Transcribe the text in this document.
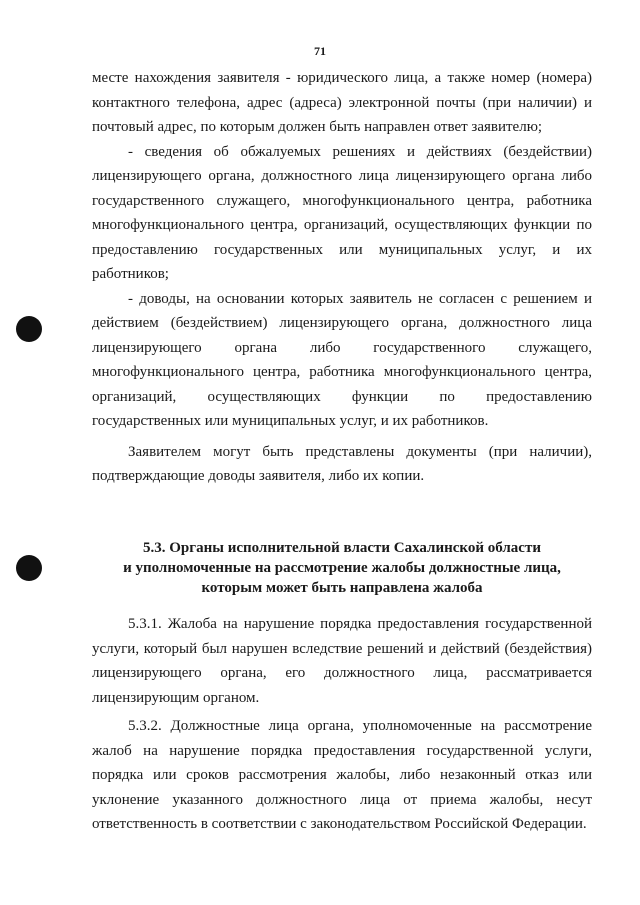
71

месте нахождения заявителя - юридического лица, а также номер (номера) контактного телефона, адрес (адреса) электронной почты (при наличии) и почтовый адрес, по которым должен быть направлен ответ заявителю;

- сведения об обжалуемых решениях и действиях (бездействии) лицензирующего органа, должностного лица лицензирующего органа либо государственного служащего, многофункционального центра, работника многофункционального центра, организаций, осуществляющих функции по предоставлению государственных или муниципальных услуг, и их работников;

- доводы, на основании которых заявитель не согласен с решением и действием (бездействием) лицензирующего органа, должностного лица лицензирующего органа либо государственного служащего, многофункционального центра, работника многофункционального центра, организаций, осуществляющих функции по предоставлению государственных или муниципальных услуг, и их работников.

Заявителем могут быть представлены документы (при наличии), подтверждающие доводы заявителя, либо их копии.

5.3. Органы исполнительной власти Сахалинской области
и уполномоченные на рассмотрение жалобы должностные лица,
которым может быть направлена жалоба

5.3.1. Жалоба на нарушение порядка предоставления государственной услуги, который был нарушен вследствие решений и действий (бездействия) лицензирующего органа, его должностного лица, рассматривается лицензирующим органом.

5.3.2. Должностные лица органа, уполномоченные на рассмотрение жалоб на нарушение порядка предоставления государственной услуги, порядка или сроков рассмотрения жалобы, либо незаконный отказ или уклонение указанного должностного лица от приема жалобы, несут ответственность в соответствии с законодательством Российской Федерации.
